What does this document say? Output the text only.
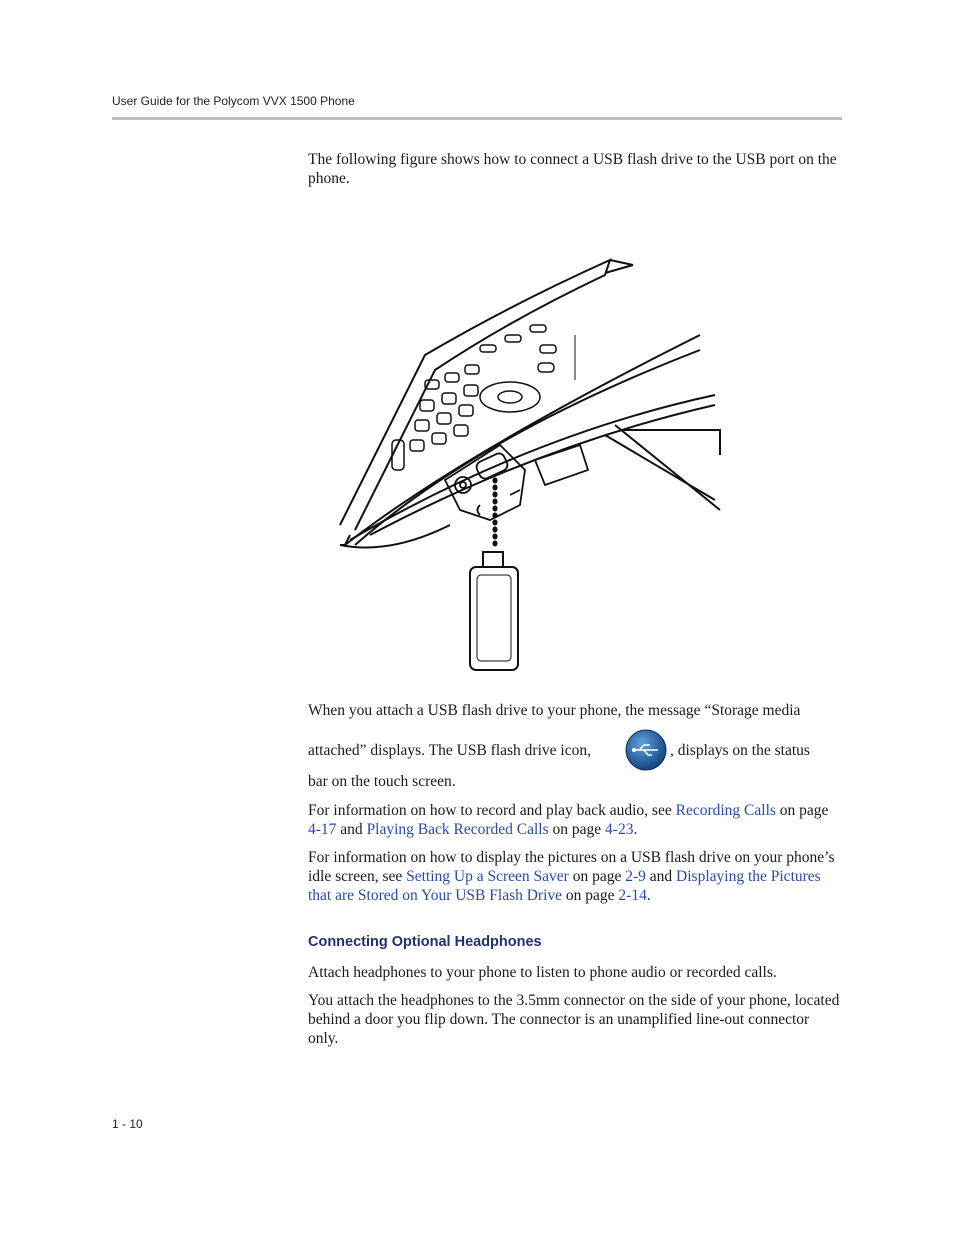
User Guide for the Polycom VVX 1500 Phone

The following figure shows how to connect a USB flash drive to the USB port on the phone.

When you attach a USB flash drive to your phone, the message “Storage media
attached” displays. The USB flash drive icon,	, displays on the status
bar on the touch screen.

For information on how to record and play back audio, see Recording Calls on page 4-17 and Playing Back Recorded Calls on page 4-23.

For information on how to display the pictures on a USB flash drive on your phone’s idle screen, see Setting Up a Screen Saver on page 2-9 and Displaying the Pictures that are Stored on Your USB Flash Drive on page 2-14.

Connecting Optional Headphones

Attach headphones to your phone to listen to phone audio or recorded calls.

You attach the headphones to the 3.5mm connector on the side of your phone, located behind a door you flip down. The connector is an unamplified line-out connector only.

1 - 10
